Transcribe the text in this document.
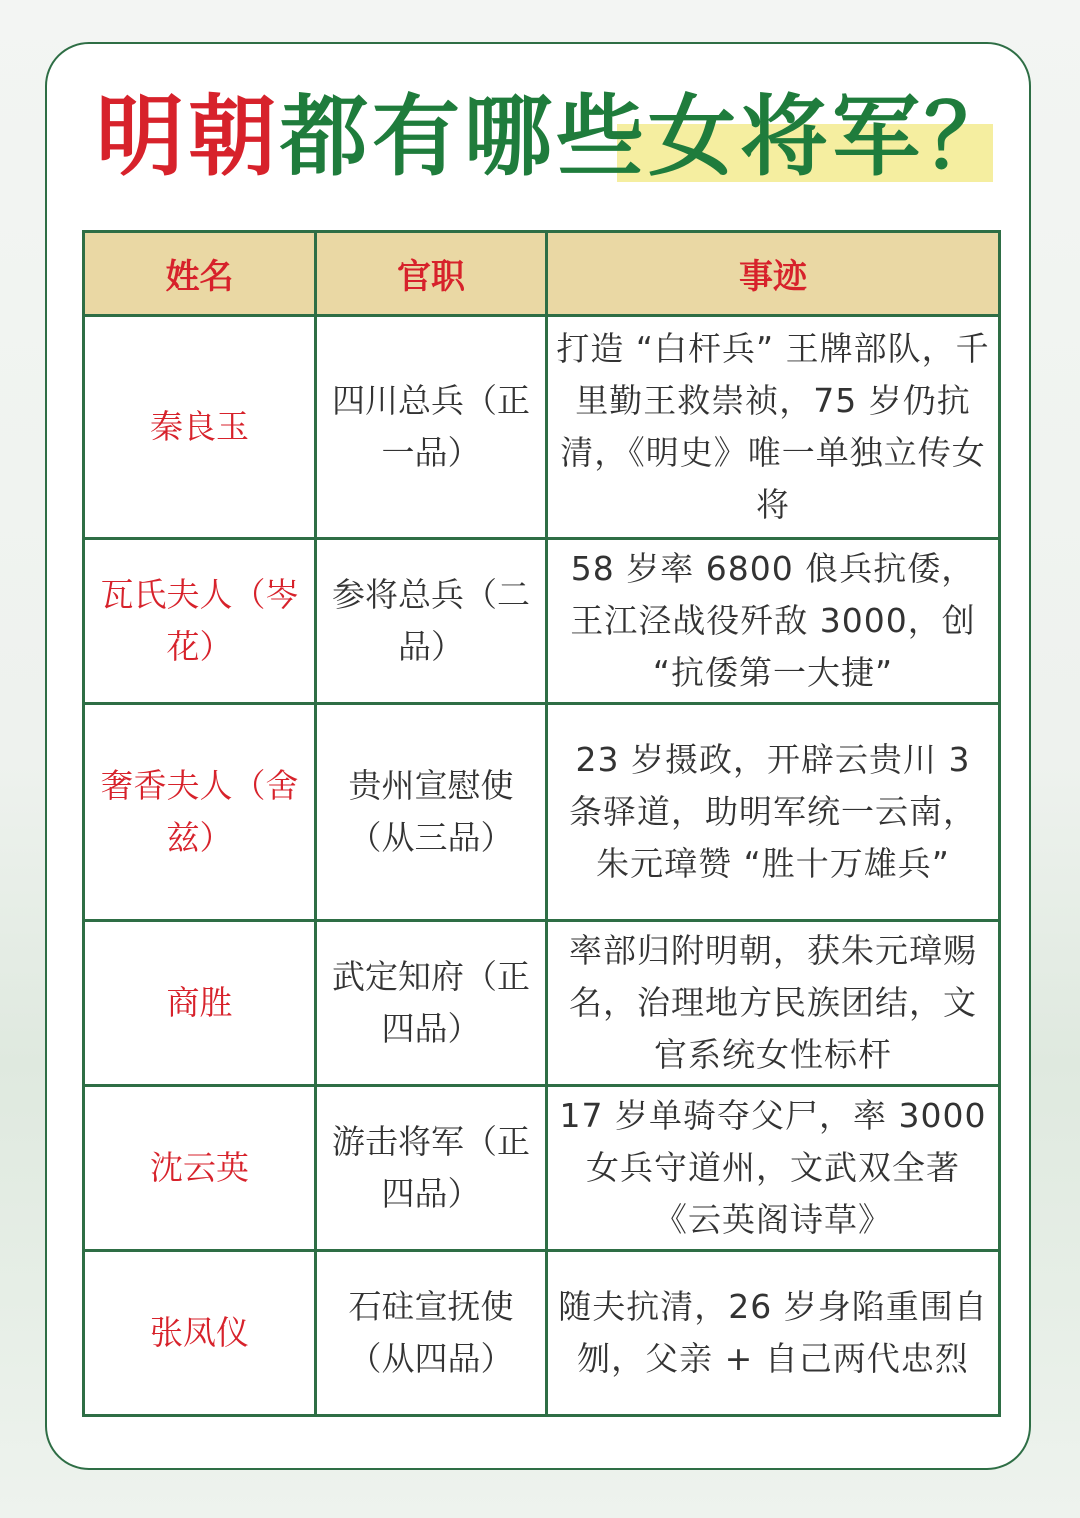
明朝都有哪些女将军？
姓名	官职	事迹
秦良玉	四川总兵（正一品）	打造 “白杆兵” 王牌部队，千里勤王救崇祯，75 岁仍抗清，《明史》唯一单独立传女将
瓦氏夫人（岑花）	参将总兵（二品）	58 岁率 6800 俍兵抗倭，王江泾战役歼敌 3000，创 “抗倭第一大捷”
奢香夫人（舍兹）	贵州宣慰使（从三品）	23 岁摄政，开辟云贵川 3 条驿道，助明军统一云南，朱元璋赞 “胜十万雄兵”
商胜	武定知府（正四品）	率部归附明朝，获朱元璋赐名，治理地方民族团结，文官系统女性标杆
沈云英	游击将军（正四品）	17 岁单骑夺父尸，率 3000 女兵守道州，文武双全著《云英阁诗草》
张凤仪	石砫宣抚使（从四品）	随夫抗清，26 岁身陷重围自刎，父亲 + 自己两代忠烈
